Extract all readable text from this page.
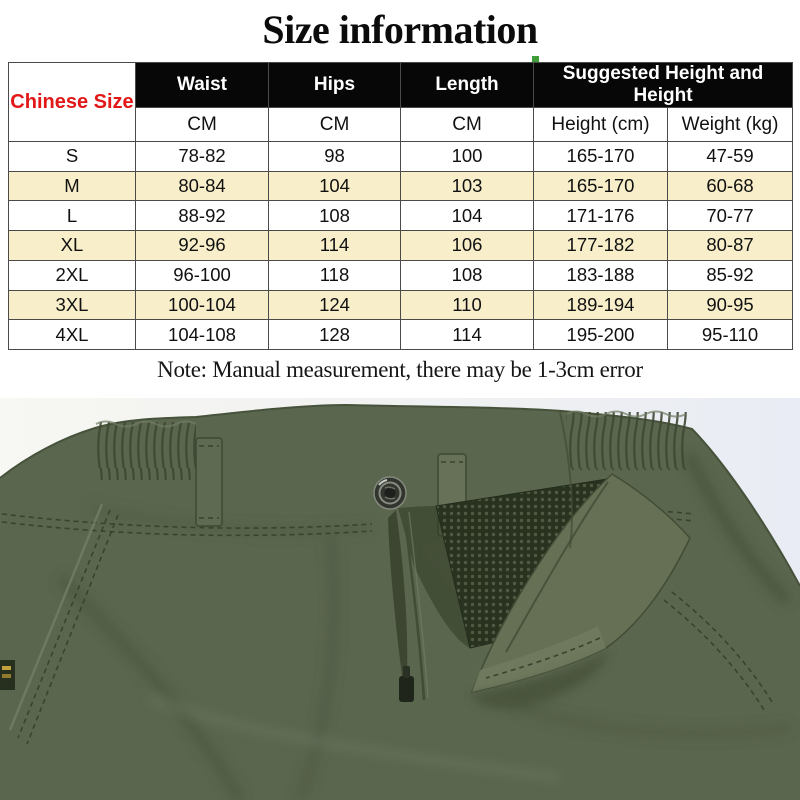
Size information
Chinese Size	Waist	Hips	Length	Suggested Height and Height	
	CM	CM	CM	Height (cm)	Weight (kg)
S	78-82	98	100	165-170	47-59
M	80-84	104	103	165-170	60-68
L	88-92	108	104	171-176	70-77
XL	92-96	114	106	177-182	80-87
2XL	96-100	118	108	183-188	85-92
3XL	100-104	124	110	189-194	90-95
4XL	104-108	128	114	195-200	95-110

Note: Manual measurement, there may be 1-3cm error
